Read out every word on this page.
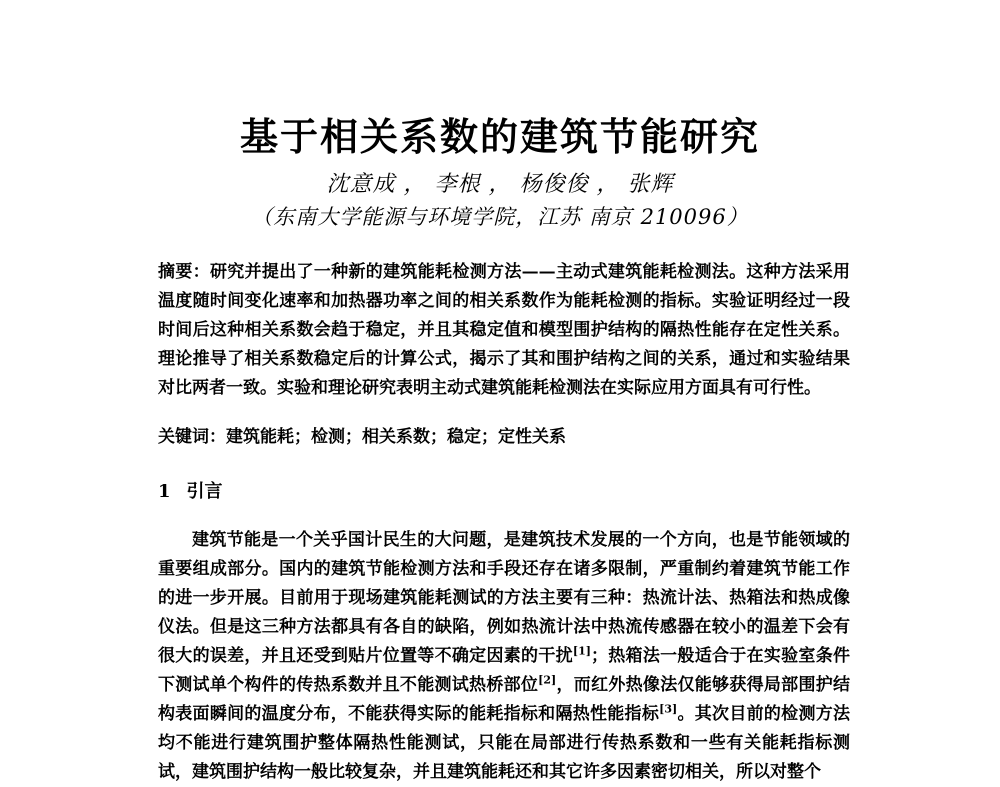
基于相关系数的建筑节能研究
沈意成 ， 李根 ， 杨俊俊 ， 张辉
（东南大学能源与环境学院，江苏 南京 210096）
摘要：研究并提出了一种新的建筑能耗检测方法——主动式建筑能耗检测法。这种方法采用温度随时间变化速率和加热器功率之间的相关系数作为能耗检测的指标。实验证明经过一段时间后这种相关系数会趋于稳定，并且其稳定值和模型围护结构的隔热性能存在定性关系。理论推导了相关系数稳定后的计算公式，揭示了其和围护结构之间的关系，通过和实验结果对比两者一致。实验和理论研究表明主动式建筑能耗检测法在实际应用方面具有可行性。
关键词：建筑能耗；检测；相关系数；稳定；定性关系
1 引言
建筑节能是一个关乎国计民生的大问题，是建筑技术发展的一个方向，也是节能领域的重要组成部分。国内的建筑节能检测方法和手段还存在诸多限制，严重制约着建筑节能工作的进一步开展。目前用于现场建筑能耗测试的方法主要有三种：热流计法、热箱法和热成像仪法。但是这三种方法都具有各自的缺陷，例如热流计法中热流传感器在较小的温差下会有很大的误差，并且还受到贴片位置等不确定因素的干扰[1]；热箱法一般适合于在实验室条件下测试单个构件的传热系数并且不能测试热桥部位[2]，而红外热像法仅能够获得局部围护结构表面瞬间的温度分布，不能获得实际的能耗指标和隔热性能指标[3]。其次目前的检测方法均不能进行建筑围护整体隔热性能测试，只能在局部进行传热系数和一些有关能耗指标测试，建筑围护结构一般比较复杂，并且建筑能耗还和其它许多因素密切相关，所以对整个
